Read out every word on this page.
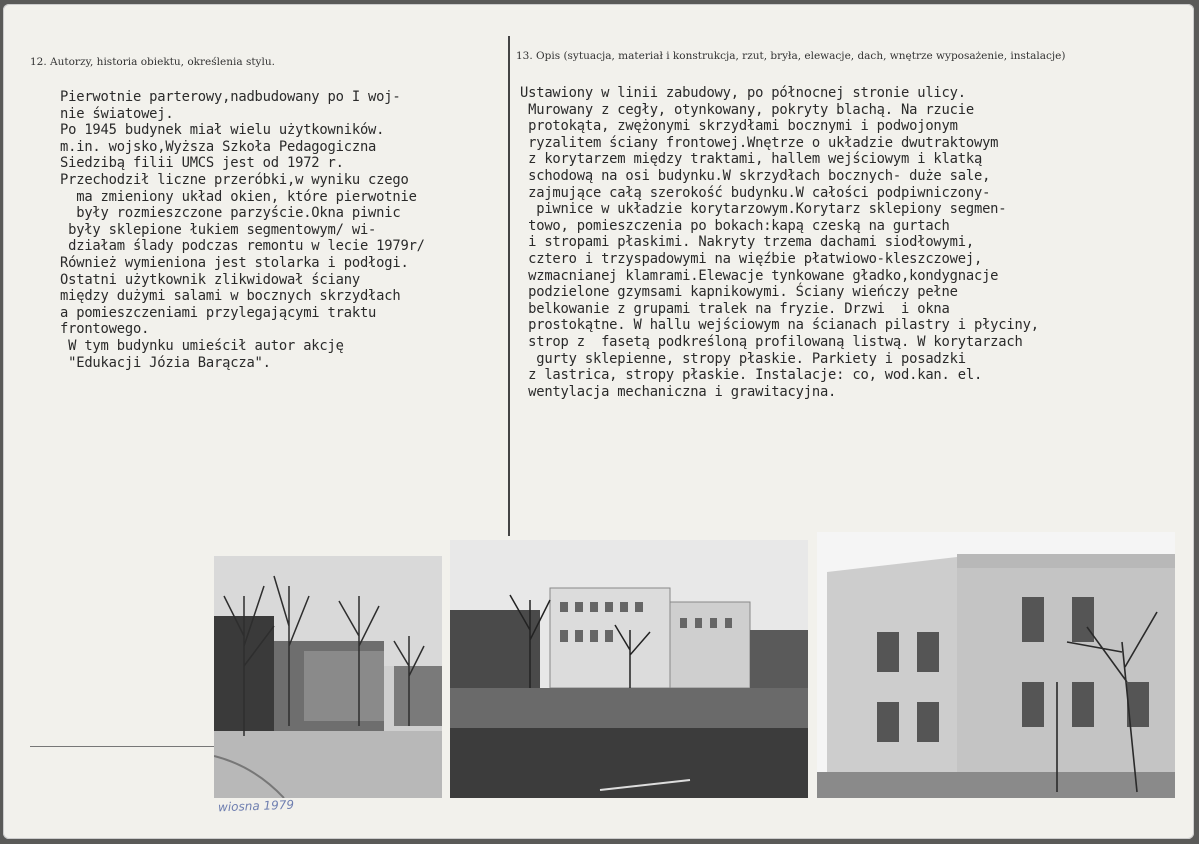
12. Autorzy, historia obiektu, określenia stylu.	13. Opis (sytuacja, materiał i konstrukcja, rzut, bryła, elewacje, dach, wnętrze wyposażenie, instalacje)
Pierwotnie parterowy,nadbudowany po I woj-
nie światowej.
Po 1945 budynek miał wielu użytkowników.
m.in. wojsko,Wyższa Szkoła Pedagogiczna
Siedzibą filii UMCS jest od 1972 r.
Przechodził liczne przeróbki,w wyniku czego
ma zmieniony układ okien, które pierwotnie
były rozmieszczone parzyście.Okna piwnic
były sklepione łukiem segmentowym/ wi-
działam ślady podczas remontu w lecie 1979r/
Również wymieniona jest stolarka i podłogi.
Ostatni użytkownik zlikwidował ściany
między dużymi salami w bocznych skrzydłach
a pomieszczeniami przylegającymi traktu
frontowego.
W tym budynku umieścił autor akcję
"Edukacji Józia Barącza".

Ustawiony w linii zabudowy, po północnej stronie ulicy.
Murowany z cegły, otynkowany, pokryty blachą. Na rzucie
protokąta, zwężonymi skrzydłami bocznymi i podwojonym
ryzalitem ściany frontowej.Wnętrze o układzie dwutraktowym
z korytarzem między traktami, hallem wejściowym i klatką
schodową na osi budynku.W skrzydłach bocznych- duże sale,
zajmujące całą szerokość budynku.W całości podpiwniczony-
piwnice w układzie korytarzowym.Korytarz sklepiony segmen-
towo, pomieszczenia po bokach:kapą czeską na gurtach
i stropami płaskimi. Nakryty trzema dachami siodłowymi,
cztero i trzyspadowymi na więźbie płatwiowo-kleszczowej,
wzmacnianej klamrami.Elewacje tynkowane gładko,kondygnacje
podzielone gzymsami kapnikowymi. Ściany wieńczy pełne
belkowanie z grupami tralek na fryzie. Drzwi  i okna
prostokątne. W hallu wejściowym na ścianach pilastry i płyciny,
strop z  fasetą podkreśloną profilowaną listwą. W korytarzach
gurty sklepienne, stropy płaskie. Parkiety i posadzki
z lastrica, stropy płaskie. Instalacje: co, wod.kan. el.
wentylacja mechaniczna i grawitacyjna.

wiosna 1979
